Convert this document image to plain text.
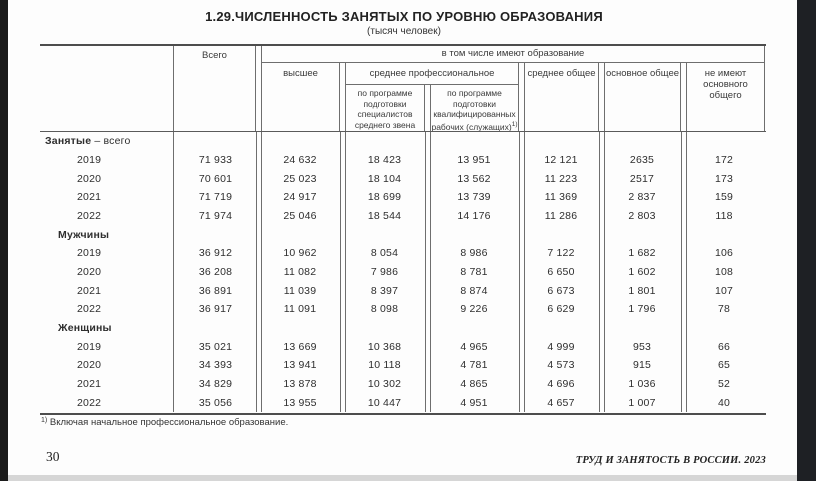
1.29.ЧИСЛЕННОСТЬ ЗАНЯТЫХ ПО УРОВНЮ ОБРАЗОВАНИЯ
(тысяч человек)
Всего	в том числе имеют образование
высшее	среднее профессиональное
по программе подготовки специалистов среднего звена
по программе подготовки квалифицированных рабочих (служащих)$^{1)}$
среднее общее	основное общее	не имеют основного общего
Занятые – всего
2019	71 933	24 632	18 423	13 951	12 121	2635	172
2020	70 601	25 023	18 104	13 562	11 223	2517	173
2021	71 719	24 917	18 699	13 739	11 369	2 837	159
2022	71 974	25 046	18 544	14 176	11 286	2 803	118
Мужчины
2019	36 912	10 962	8 054	8 986	7 122	1 682	106
2020	36 208	11 082	7 986	8 781	6 650	1 602	108
2021	36 891	11 039	8 397	8 874	6 673	1 801	107
2022	36 917	11 091	8 098	9 226	6 629	1 796	78
Женщины
2019	35 021	13 669	10 368	4 965	4 999	953	66
2020	34 393	13 941	10 118	4 781	4 573	915	65
2021	34 829	13 878	10 302	4 865	4 696	1 036	52
2022	35 056	13 955	10 447	4 951	4 657	1 007	40
$^{1)}$ Включая начальное профессиональное образование.
30	ТРУД И ЗАНЯТОСТЬ В РОССИИ. 2023
